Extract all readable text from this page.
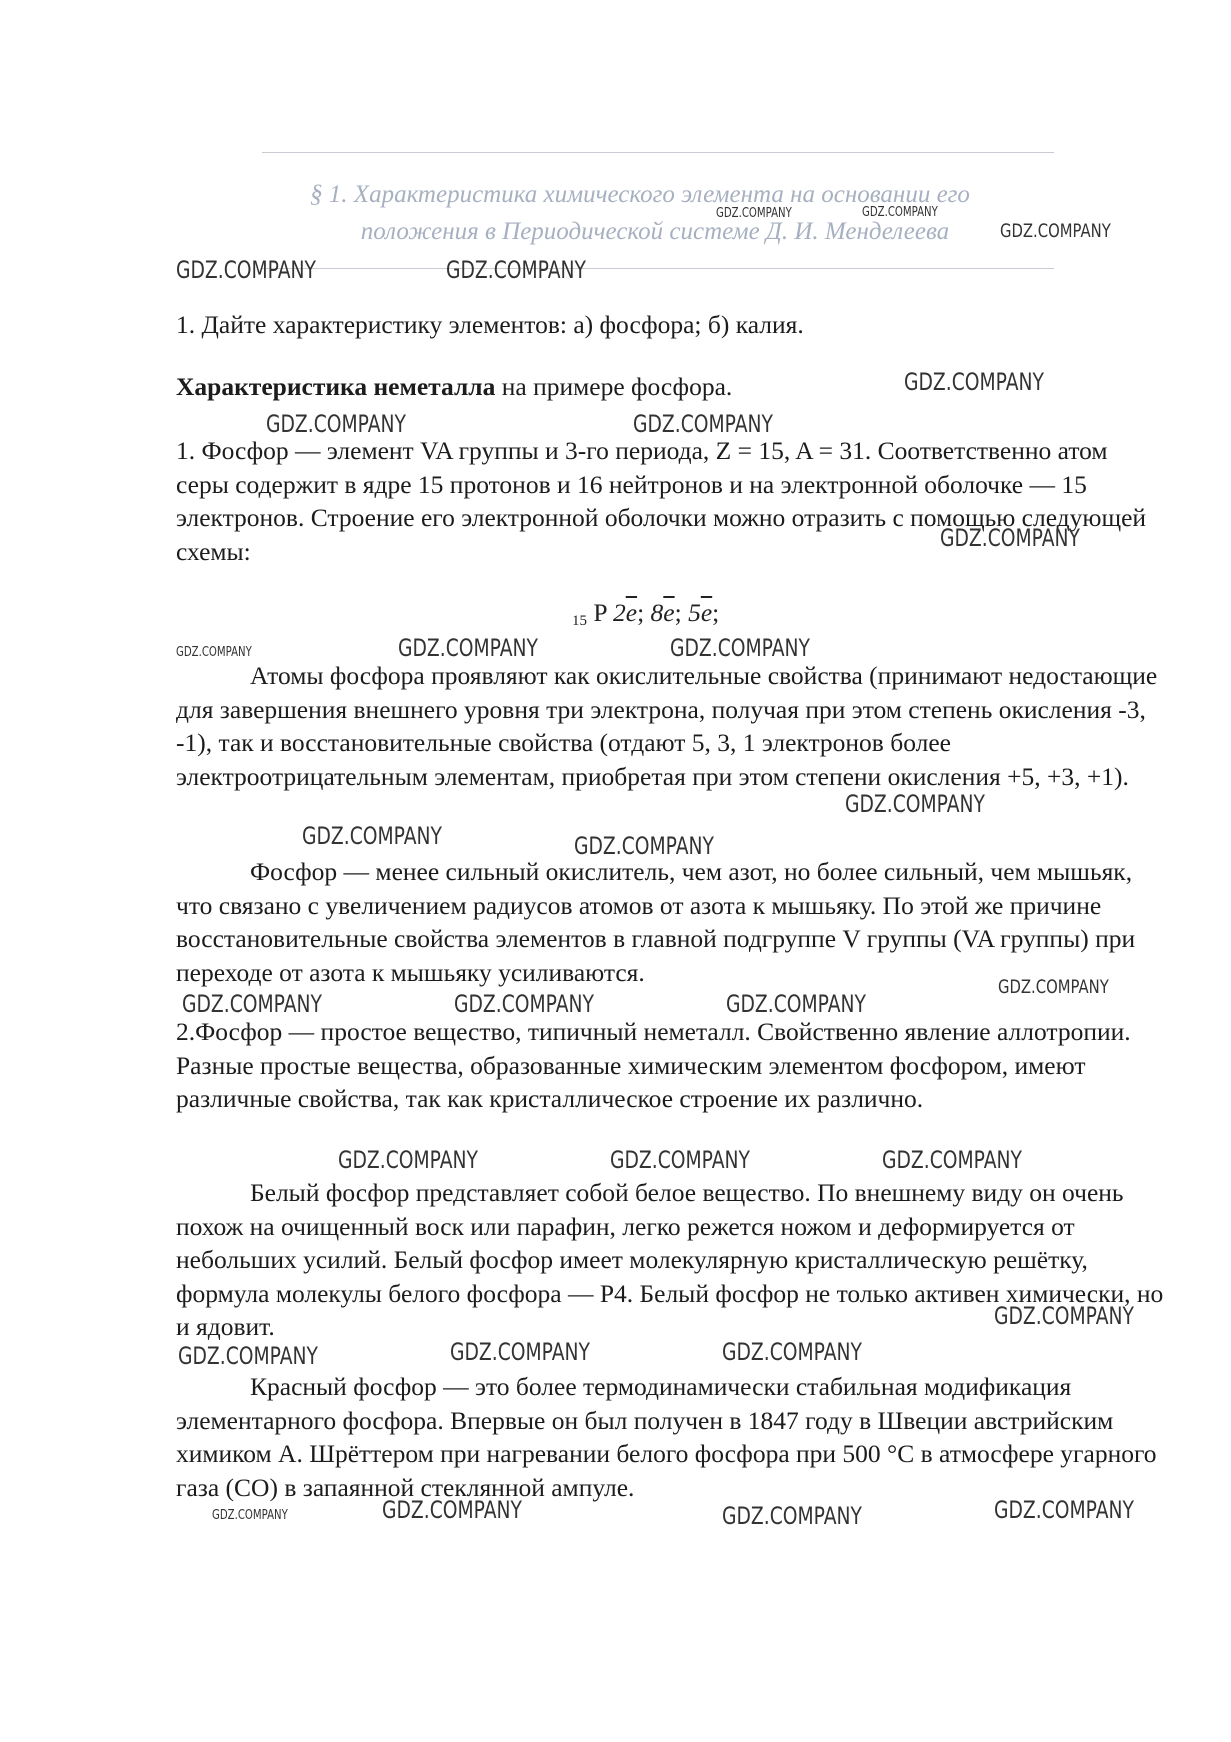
§ 1. Характеристика химического элемента на основании его
положения в Периодической системе Д. И. Менделеева

1. Дайте характеристику элементов: а) фосфора; б) калия.

Характеристика неметалла на примере фосфора.

1. Фосфор — элемент VA группы и 3-го периода, Z = 15, A = 31. Соответственно атом серы содержит в ядре 15 протонов и 16 нейтронов и на электронной оболочке — 15 электронов. Строение его электронной оболочки можно отразить с помощью следующей схемы:

$_{15}$ P $2\overline{e}$; $8\overline{e}$; $5\overline{e}$;

Атомы фосфора проявляют как окислительные свойства (принимают недостающие для завершения внешнего уровня три электрона, получая при этом степень окисления -3, -1), так и восстановительные свойства (отдают 5, 3, 1 электронов более электроотрицательным элементам, приобретая при этом степени окисления +5, +3, +1).

Фосфор — менее сильный окислитель, чем азот, но более сильный, чем мышьяк, что связано с увеличением радиусов атомов от азота к мышьяку. По этой же причине восстановительные свойства элементов в главной подгруппе V группы (VA группы) при переходе от азота к мышьяку усиливаются.

2.Фосфор — простое вещество, типичный неметалл. Свойственно явление аллотропии. Разные простые вещества, образованные химическим элементом фосфором, имеют различные свойства, так как кристаллическое строение их различно.

Белый фосфор представляет собой белое вещество. По внешнему виду он очень похож на очищенный воск или парафин, легко режется ножом и деформируется от небольших усилий. Белый фосфор имеет молекулярную кристаллическую решётку, формула молекулы белого фосфора — P4. Белый фосфор не только активен химически, но и ядовит.

Красный фосфор — это более термодинамически стабильная модификация элементарного фосфора. Впервые он был получен в 1847 году в Швеции австрийским химиком А. Шрёттером при нагревании белого фосфора при 500 °C в атмосфере угарного газа (CO) в запаянной стеклянной ампуле.

GDZ.COMPANY
GDZ.COMPANY	GDZ.COMPANY
GDZ.COMPANY	GDZ.COMPANY
GDZ.COMPANY
GDZ.COMPANY	GDZ.COMPANY
GDZ.COMPANY
GDZ.COMPANY	GDZ.COMPANY	GDZ.COMPANY
GDZ.COMPANY
GDZ.COMPANY	GDZ.COMPANY
GDZ.COMPANY
GDZ.COMPANY	GDZ.COMPANY	GDZ.COMPANY
GDZ.COMPANY	GDZ.COMPANY	GDZ.COMPANY
GDZ.COMPANY
GDZ.COMPANY	GDZ.COMPANY	GDZ.COMPANY
GDZ.COMPANY	GDZ.COMPANY	GDZ.COMPANY
GDZ.COMPANY
